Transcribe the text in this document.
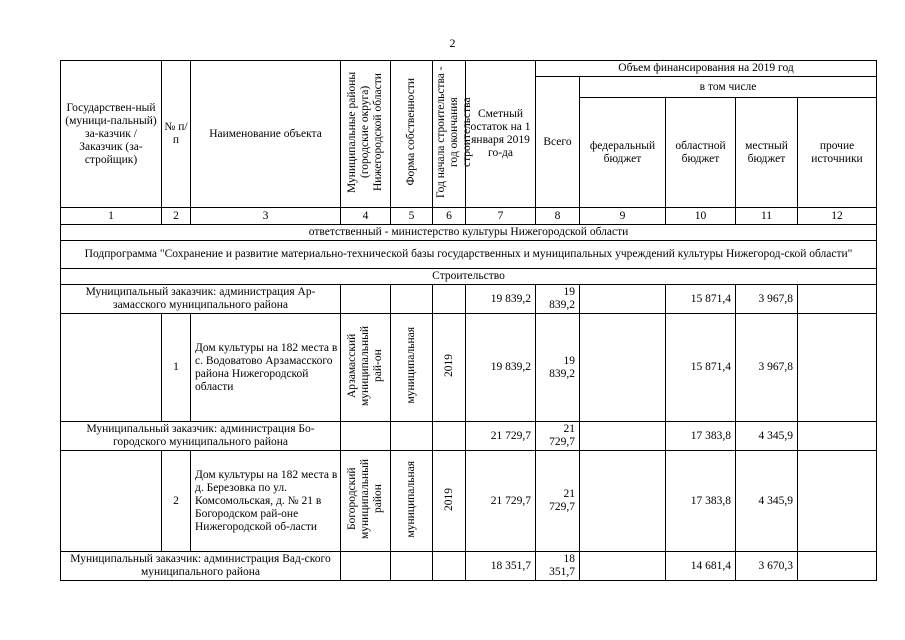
2
Государствен-ный (муници-пальный) за-казчик / Заказчик (за-стройщик)	№ п/п	Наименование объекта	Муниципальные районы (городские округа) Нижегородской области	Форма собственности	Год начала строительства - год окончания строительства	Сметный остаток на 1 января 2019 го-да	Объем финансирования на 2019 год				
							Всего	в том числе			
								федеральный бюджет	областной бюджет	местный бюджет	прочие источники
1	2	3	4	5	6	7	8	9	10	11	12
ответственный - министерство культуры Нижегородской области											
Подпрограмма "Сохранение и развитие материально-технической базы государственных и муниципальных учреждений культуры Нижегород-ской области"											
Строительство											
Муниципальный заказчик: администрация Ар-замасского муниципального района						19 839,2	19 839,2		15 871,4	3 967,8	
	1	Дом культуры на 182 места в с. Водоватово Арзамасского района Нижегородской области	Арзамасский муниципальный рай-он	муниципальная	2019	19 839,2	19 839,2		15 871,4	3 967,8	
Муниципальный заказчик: администрация Бо-городского муниципального района						21 729,7	21 729,7		17 383,8	4 345,9	
	2	Дом культуры на 182 места в д. Березовка по ул. Комсомольская, д. № 21 в Богородском рай-оне Нижегородской об-ласти	Богородский муниципальный район	муниципальная	2019	21 729,7	21 729,7		17 383,8	4 345,9	
Муниципальный заказчик: администрация Вад-ского муниципального района						18 351,7	18 351,7		14 681,4	3 670,3	
